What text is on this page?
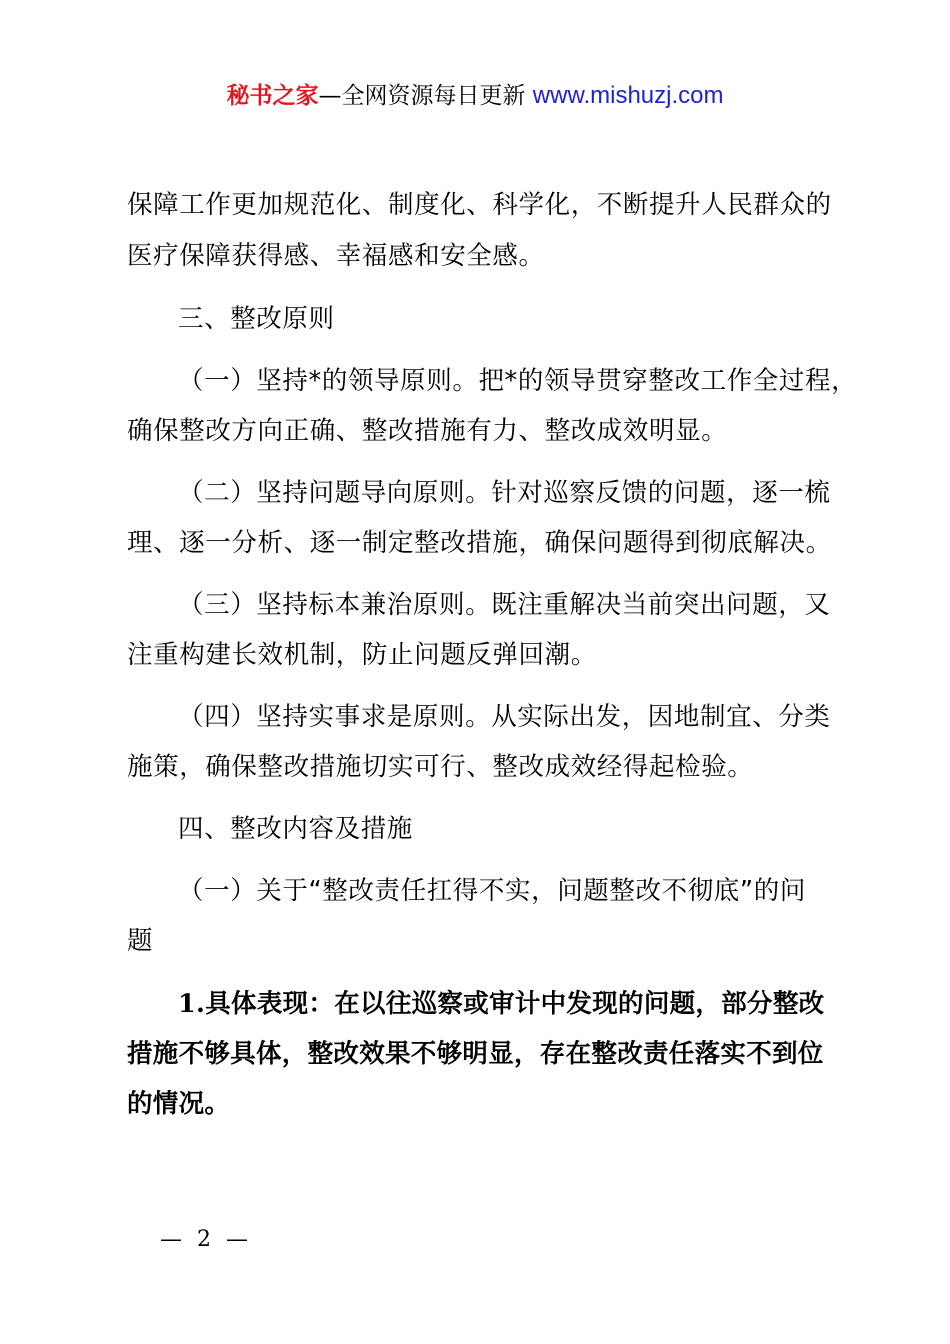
秘书之家—全网资源每日更新 www.mishuzj.com
保障工作更加规范化、制度化、科学化，不断提升人民群众的
医疗保障获得感、幸福感和安全感。
三、整改原则
（一）坚持*的领导原则。把*的领导贯穿整改工作全过程，
确保整改方向正确、整改措施有力、整改成效明显。
（二）坚持问题导向原则。针对巡察反馈的问题，逐一梳
理、逐一分析、逐一制定整改措施，确保问题得到彻底解决。
（三）坚持标本兼治原则。既注重解决当前突出问题，又
注重构建长效机制，防止问题反弹回潮。
（四）坚持实事求是原则。从实际出发，因地制宜、分类
施策，确保整改措施切实可行、整改成效经得起检验。
四、整改内容及措施
（一）关于“整改责任扛得不实，问题整改不彻底”的问
题
1.具体表现：在以往巡察或审计中发现的问题，部分整改
措施不够具体，整改效果不够明显，存在整改责任落实不到位
的情况。
— 2 —
